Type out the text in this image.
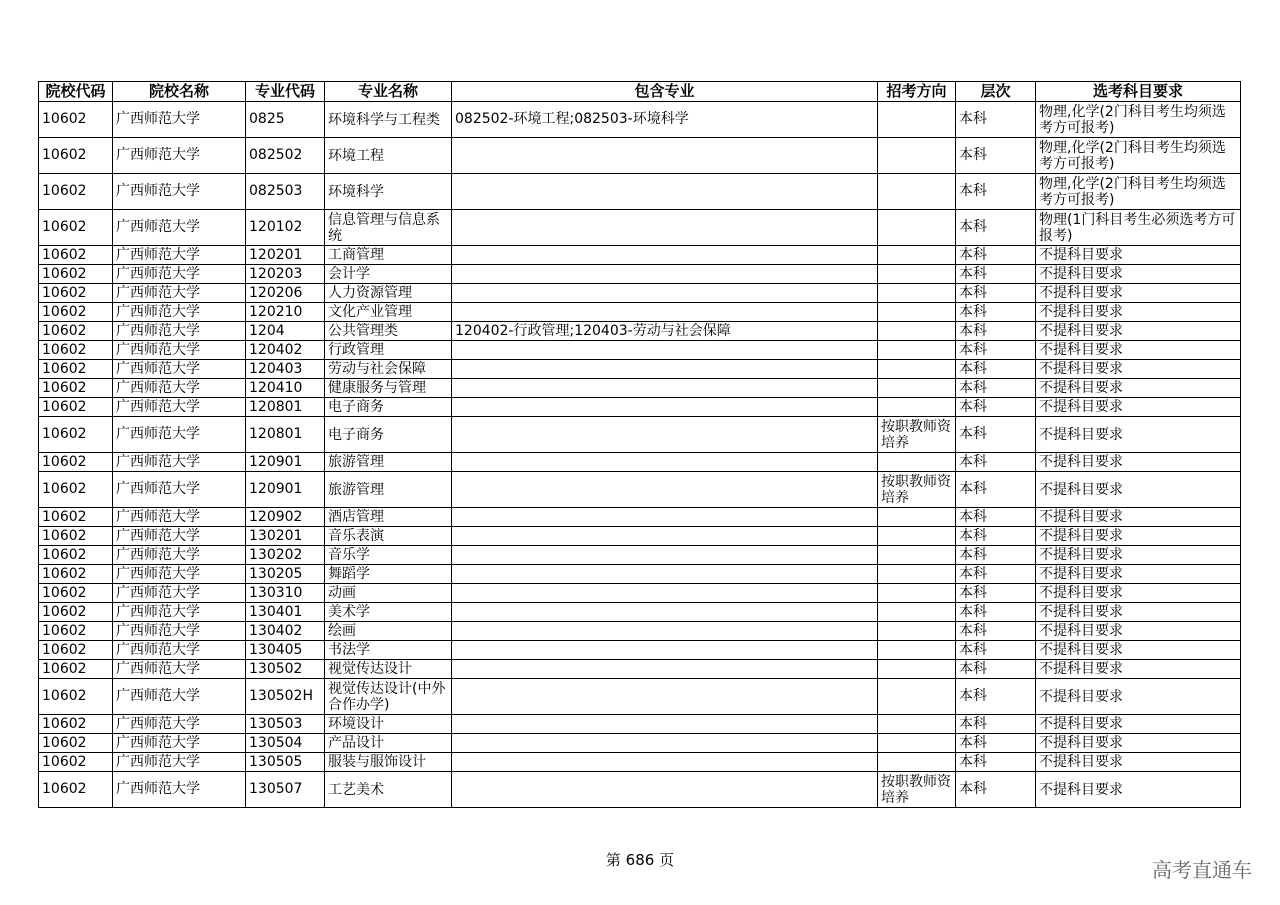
院校代码	院校名称	专业代码	专业名称	包含专业	招考方向	层次	选考科目要求
10602	广西师范大学	0825	环境科学与工程类	082502-环境工程;082503-环境科学		本科	物理,化学(2门科目考生均须选考方可报考)
10602	广西师范大学	082502	环境工程			本科	物理,化学(2门科目考生均须选考方可报考)
10602	广西师范大学	082503	环境科学			本科	物理,化学(2门科目考生均须选考方可报考)
10602	广西师范大学	120102	信息管理与信息系统			本科	物理(1门科目考生必须选考方可报考)
10602	广西师范大学	120201	工商管理			本科	不提科目要求
10602	广西师范大学	120203	会计学			本科	不提科目要求
10602	广西师范大学	120206	人力资源管理			本科	不提科目要求
10602	广西师范大学	120210	文化产业管理			本科	不提科目要求
10602	广西师范大学	1204	公共管理类	120402-行政管理;120403-劳动与社会保障		本科	不提科目要求
10602	广西师范大学	120402	行政管理			本科	不提科目要求
10602	广西师范大学	120403	劳动与社会保障			本科	不提科目要求
10602	广西师范大学	120410	健康服务与管理			本科	不提科目要求
10602	广西师范大学	120801	电子商务			本科	不提科目要求
10602	广西师范大学	120801	电子商务		按职教师资培养	本科	不提科目要求
10602	广西师范大学	120901	旅游管理			本科	不提科目要求
10602	广西师范大学	120901	旅游管理		按职教师资培养	本科	不提科目要求
10602	广西师范大学	120902	酒店管理			本科	不提科目要求
10602	广西师范大学	130201	音乐表演			本科	不提科目要求
10602	广西师范大学	130202	音乐学			本科	不提科目要求
10602	广西师范大学	130205	舞蹈学			本科	不提科目要求
10602	广西师范大学	130310	动画			本科	不提科目要求
10602	广西师范大学	130401	美术学			本科	不提科目要求
10602	广西师范大学	130402	绘画			本科	不提科目要求
10602	广西师范大学	130405	书法学			本科	不提科目要求
10602	广西师范大学	130502	视觉传达设计			本科	不提科目要求
10602	广西师范大学	130502H	视觉传达设计(中外合作办学)			本科	不提科目要求
10602	广西师范大学	130503	环境设计			本科	不提科目要求
10602	广西师范大学	130504	产品设计			本科	不提科目要求
10602	广西师范大学	130505	服装与服饰设计			本科	不提科目要求
10602	广西师范大学	130507	工艺美术		按职教师资培养	本科	不提科目要求
第 686 页	高考直通车
